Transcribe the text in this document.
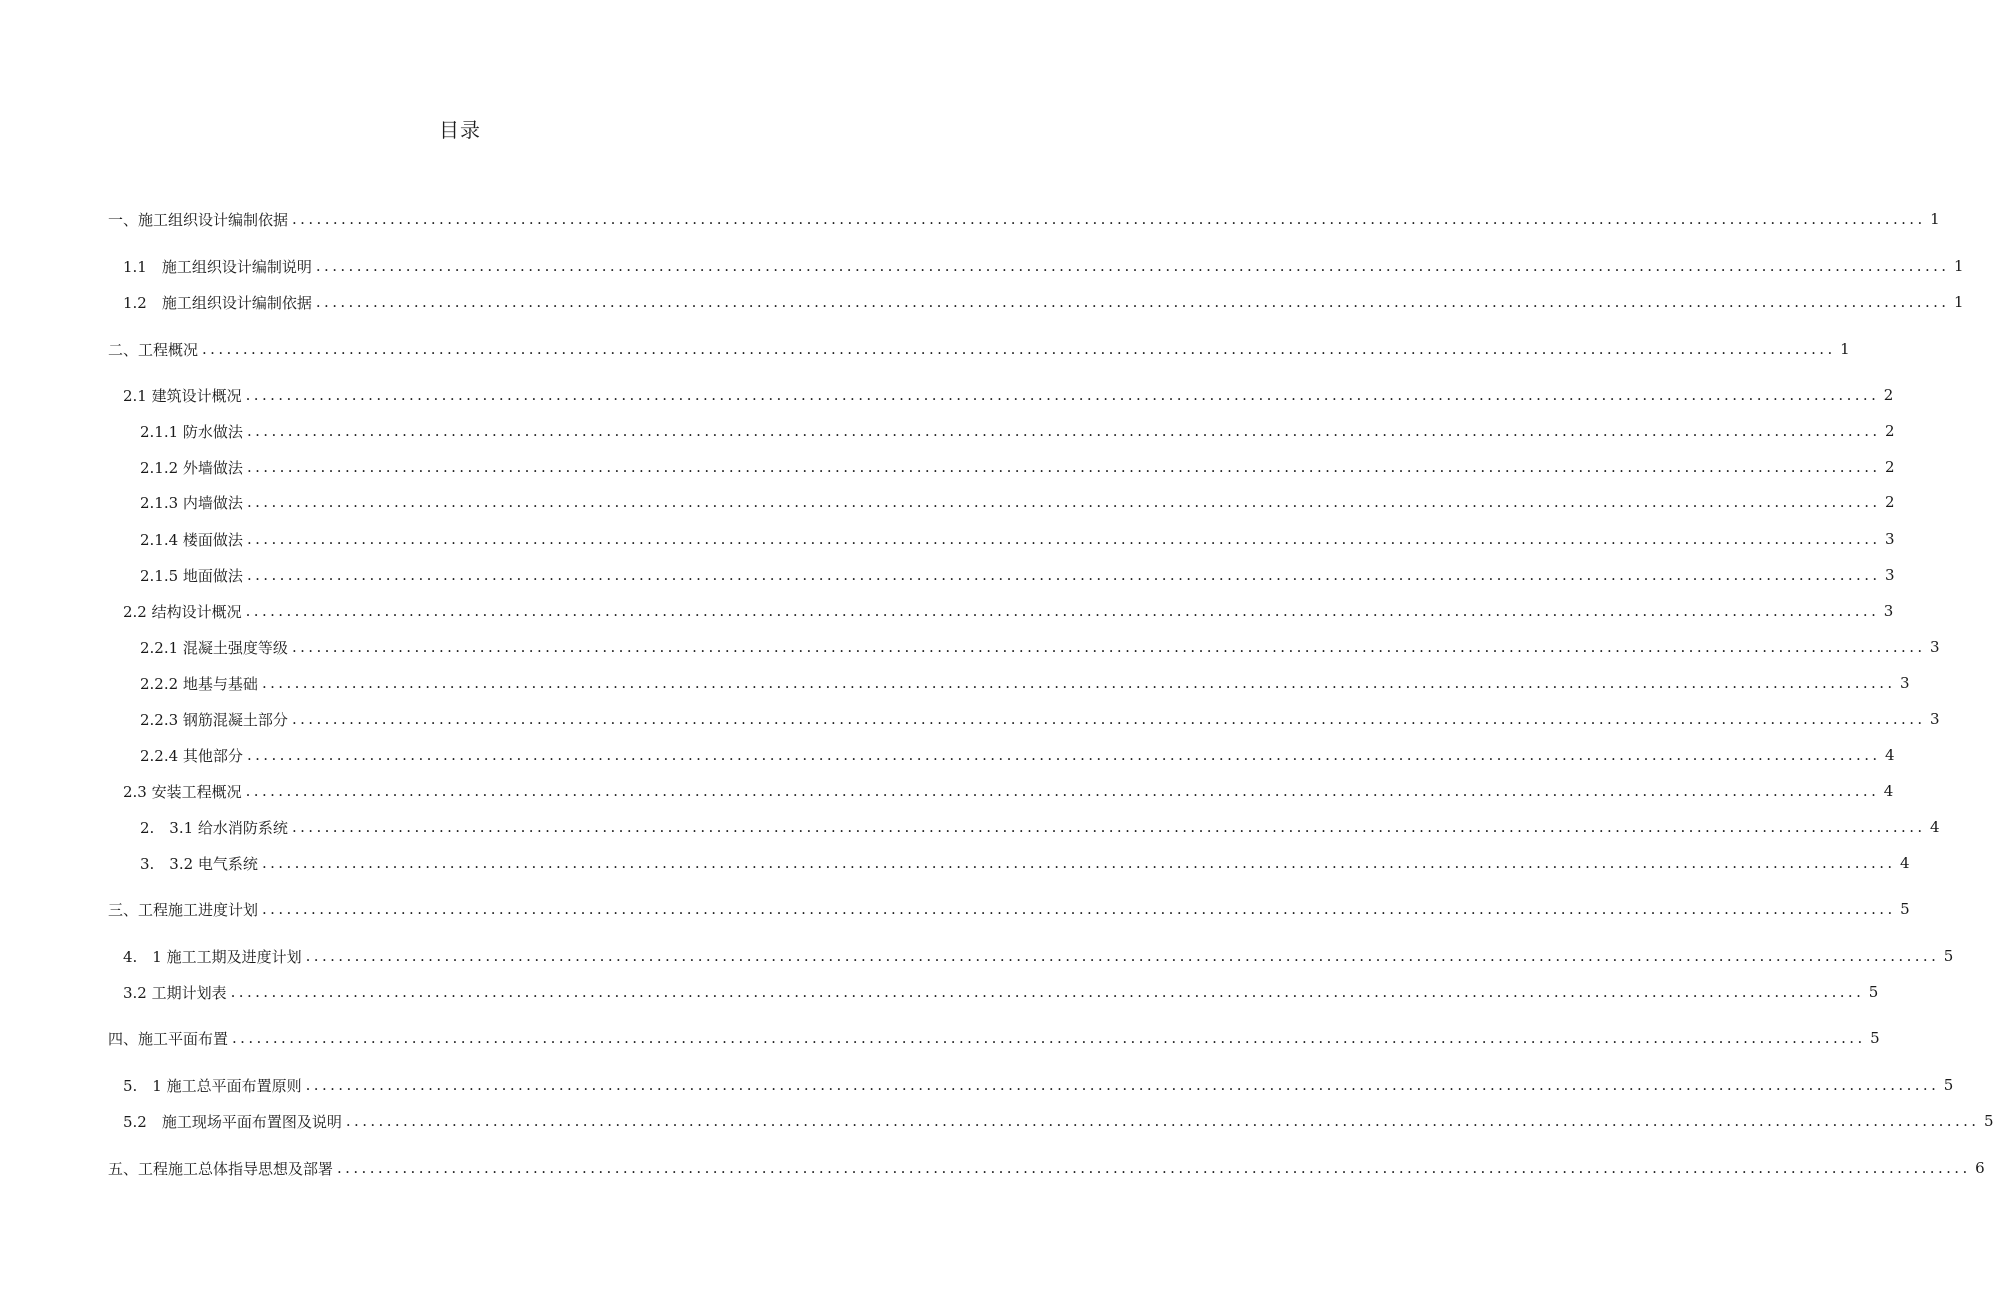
目录
一、施工组织设计编制依据 ........................................................................................................................................................................................................ 1
1.1　施工组织设计编制说明 ........................................................................................................................................................................................................ 1
1.2　施工组织设计编制依据 ........................................................................................................................................................................................................ 1
二、工程概况 ........................................................................................................................................................................................................ 1
2.1 建筑设计概况 ........................................................................................................................................................................................................ 2
2.1.1 防水做法 ........................................................................................................................................................................................................ 2
2.1.2 外墙做法 ........................................................................................................................................................................................................ 2
2.1.3 内墙做法 ........................................................................................................................................................................................................ 2
2.1.4 楼面做法 ........................................................................................................................................................................................................ 3
2.1.5 地面做法 ........................................................................................................................................................................................................ 3
2.2 结构设计概况 ........................................................................................................................................................................................................ 3
2.2.1 混凝土强度等级 ........................................................................................................................................................................................................ 3
2.2.2 地基与基础 ........................................................................................................................................................................................................ 3
2.2.3 钢筋混凝土部分 ........................................................................................................................................................................................................ 3
2.2.4 其他部分 ........................................................................................................................................................................................................ 4
2.3 安装工程概况 ........................................................................................................................................................................................................ 4
2.　3.1 给水消防系统 ........................................................................................................................................................................................................ 4
3.　3.2 电气系统 ........................................................................................................................................................................................................ 4
三、工程施工进度计划 ........................................................................................................................................................................................................ 5
4.　1 施工工期及进度计划 ........................................................................................................................................................................................................ 5
3.2 工期计划表 ........................................................................................................................................................................................................ 5
四、施工平面布置 ........................................................................................................................................................................................................ 5
5.　1 施工总平面布置原则 ........................................................................................................................................................................................................ 5
5.2　施工现场平面布置图及说明 ........................................................................................................................................................................................................ 5
五、工程施工总体指导思想及部署 ........................................................................................................................................................................................................ 6
